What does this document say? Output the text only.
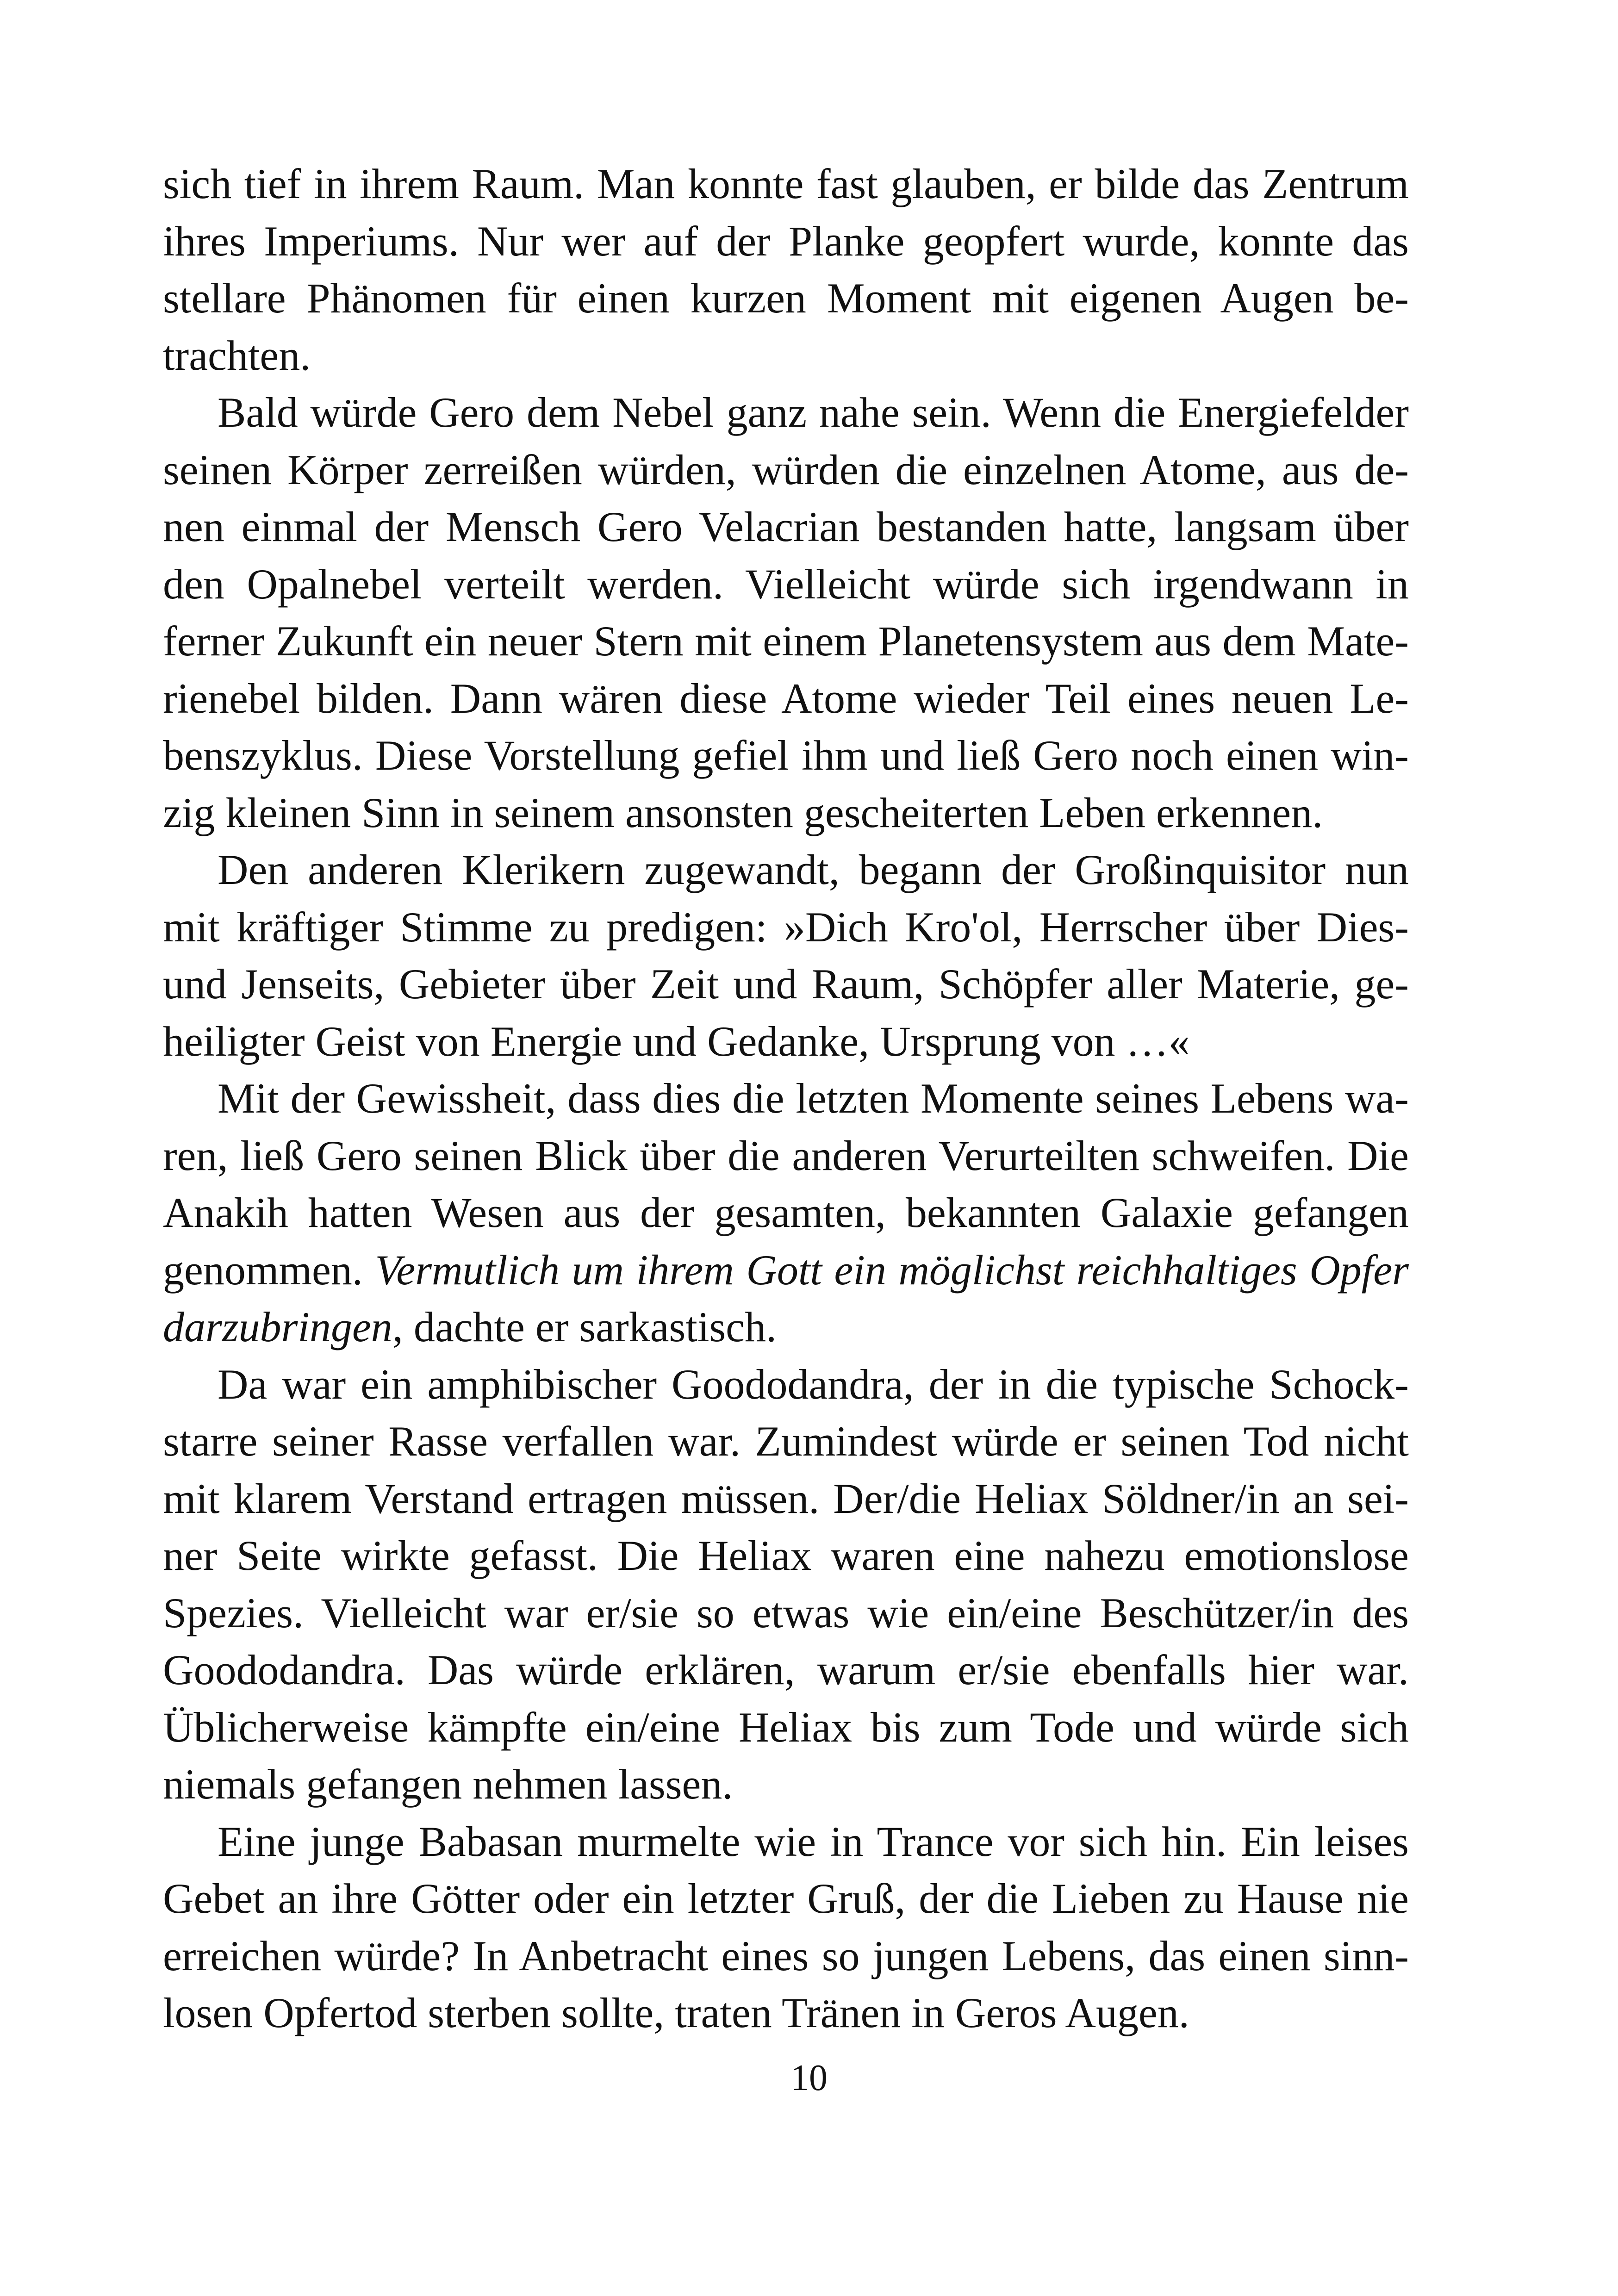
sich tief in ihrem Raum. Man konnte fast glauben, er bilde das Zentrum ihres Imperiums. Nur wer auf der Planke geopfert wurde, konnte das stellare Phänomen für einen kurzen Moment mit eigenen Augen betrachten.

Bald würde Gero dem Nebel ganz nahe sein. Wenn die Energiefelder seinen Körper zerreißen würden, würden die einzelnen Atome, aus denen einmal der Mensch Gero Velacrian bestanden hatte, langsam über den Opalnebel verteilt werden. Vielleicht würde sich irgendwann in ferner Zukunft ein neuer Stern mit einem Planetensystem aus dem Materienebel bilden. Dann wären diese Atome wieder Teil eines neuen Lebenszyklus. Diese Vorstellung gefiel ihm und ließ Gero noch einen winzig kleinen Sinn in seinem ansonsten gescheiterten Leben erkennen.

Den anderen Klerikern zugewandt, begann der Großinquisitor nun mit kräftiger Stimme zu predigen: »Dich Kro'ol, Herrscher über Dies- und Jenseits, Gebieter über Zeit und Raum, Schöpfer aller Materie, geheiligter Geist von Energie und Gedanke, Ursprung von …«

Mit der Gewissheit, dass dies die letzten Momente seines Lebens waren, ließ Gero seinen Blick über die anderen Verurteilten schweifen. Die Anakih hatten Wesen aus der gesamten, bekannten Galaxie gefangen genommen. Vermutlich um ihrem Gott ein möglichst reichhaltiges Opfer darzubringen, dachte er sarkastisch.

Da war ein amphibischer Goododandra, der in die typische Schockstarre seiner Rasse verfallen war. Zumindest würde er seinen Tod nicht mit klarem Verstand ertragen müssen. Der/die Heliax Söldner/in an seiner Seite wirkte gefasst. Die Heliax waren eine nahezu emotionslose Spezies. Vielleicht war er/sie so etwas wie ein/eine Beschützer/in des Goododandra. Das würde erklären, warum er/sie ebenfalls hier war. Üblicherweise kämpfte ein/eine Heliax bis zum Tode und würde sich niemals gefangen nehmen lassen.

Eine junge Babasan murmelte wie in Trance vor sich hin. Ein leises Gebet an ihre Götter oder ein letzter Gruß, der die Lieben zu Hause nie erreichen würde? In Anbetracht eines so jungen Lebens, das einen sinnlosen Opfertod sterben sollte, traten Tränen in Geros Augen.

10
